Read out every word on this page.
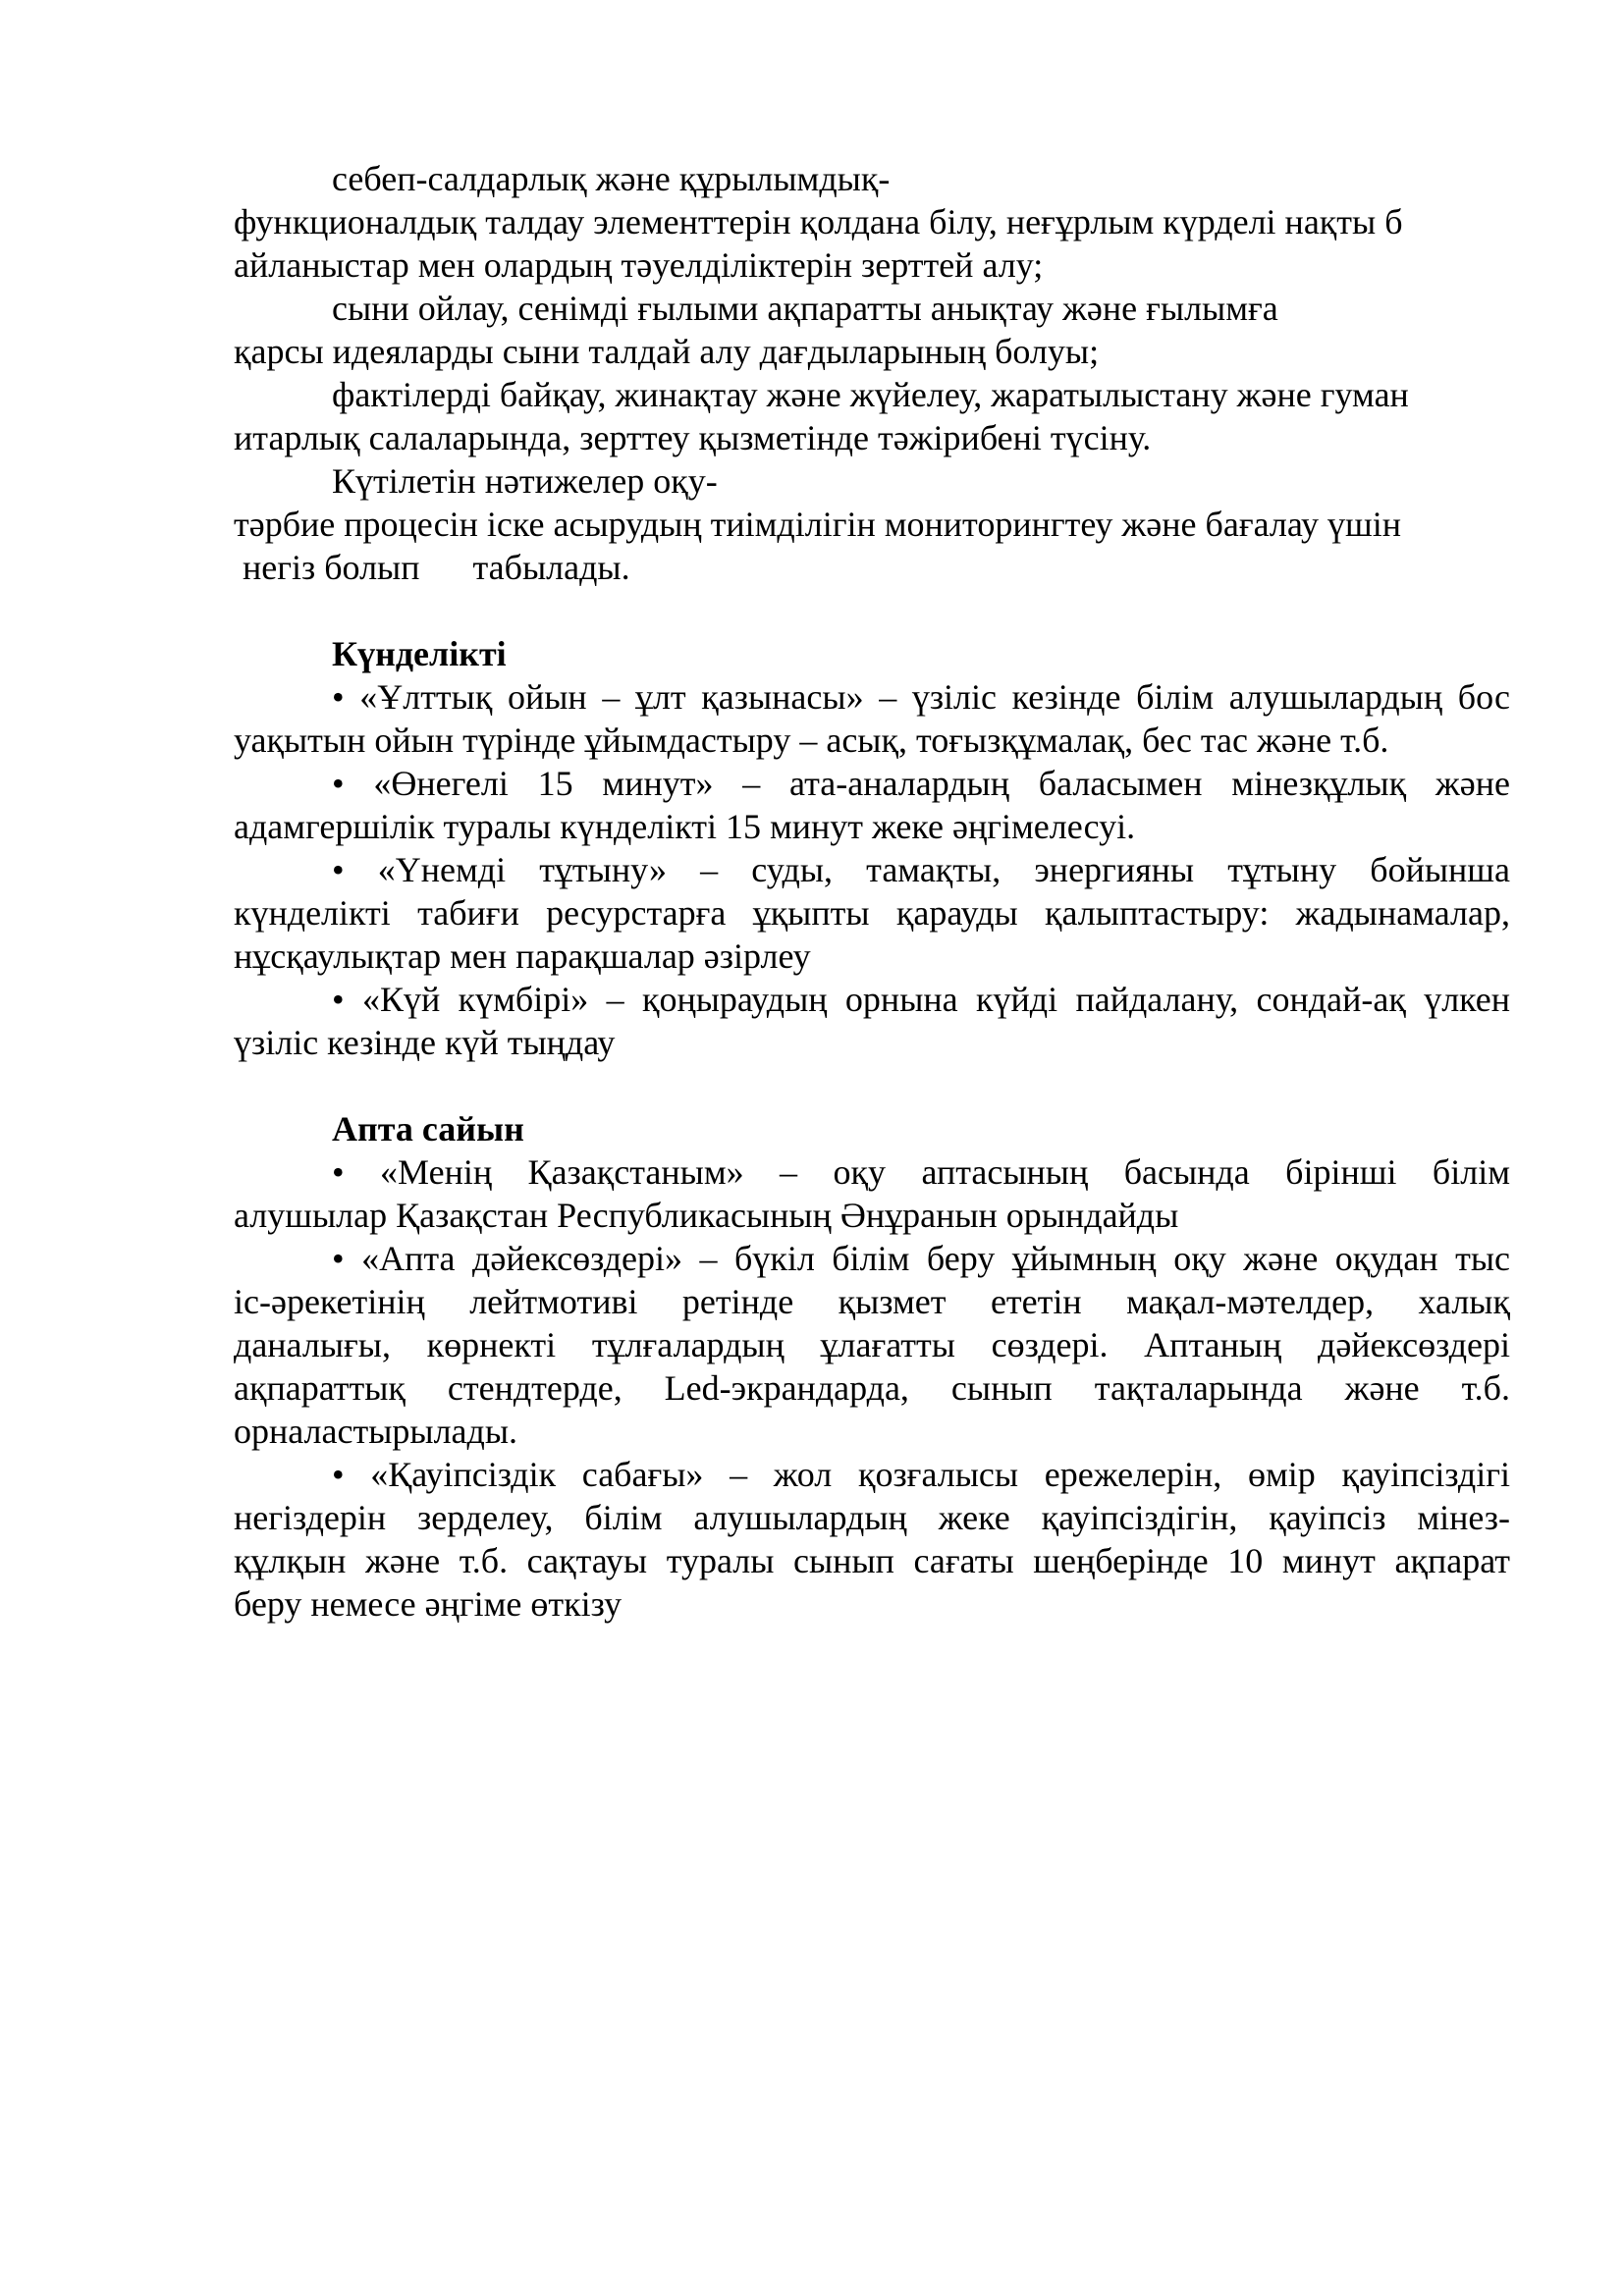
себеп-салдарлық және құрылымдық-
функционалдық талдау элементтерін қолдана білу, неғұрлым күрделі нақты б
айланыстар мен олардың тәуелділіктерін зерттей алу;
сыни ойлау, сенімді ғылыми ақпаратты анықтау және ғылымға
қарсы идеяларды сыни талдай алу дағдыларының болуы;
фактілерді байқау, жинақтау және жүйелеу, жаратылыстану және гуман
итарлық салаларында, зерттеу қызметінде тәжірибені түсіну.
Күтілетін нәтижелер оқу-
тәрбие процесін іске асырудың тиімділігін мониторингтеу және бағалау үшін
негіз болып      табылады.
Күнделікті
• «Ұлттық ойын – ұлт қазынасы» – үзіліс кезінде білім алушылардың бос
уақытын ойын түрінде ұйымдастыру – асық, тоғызқұмалақ, бес тас және т.б.
• «Өнегелі 15 минут» – ата-аналардың баласымен мінезқұлық және
адамгершілік туралы күнделікті 15 минут жеке әңгімелесуі.
• «Үнемді тұтыну» – суды, тамақты, энергияны тұтыну бойынша
күнделікті табиғи ресурстарға ұқыпты қарауды қалыптастыру: жадынамалар,
нұсқаулықтар мен парақшалар әзірлеу
• «Күй күмбірі» – қоңыраудың орнына күйді пайдалану, сондай-ақ үлкен
үзіліс кезінде күй тыңдау
Апта сайын
• «Менің Қазақстаным» – оқу аптасының басында бірінші білім
алушылар Қазақстан Республикасының Әнұранын орындайды
• «Апта дәйексөздері» – бүкіл білім беру ұйымның оқу және оқудан тыс
іс-әрекетінің лейтмотиві ретінде қызмет ететін мақал-мәтелдер, халық
даналығы, көрнекті тұлғалардың ұлағатты сөздері. Аптаның дәйексөздері
ақпараттық стендтерде, Led-экрандарда, сынып тақталарында және т.б.
орналастырылады.
• «Қауіпсіздік сабағы» – жол қозғалысы ережелерін, өмір қауіпсіздігі
негіздерін зерделеу, білім алушылардың жеке қауіпсіздігін, қауіпсіз мінез-
құлқын және т.б. сақтауы туралы сынып сағаты шеңберінде 10 минут ақпарат
беру немесе әңгіме өткізу
